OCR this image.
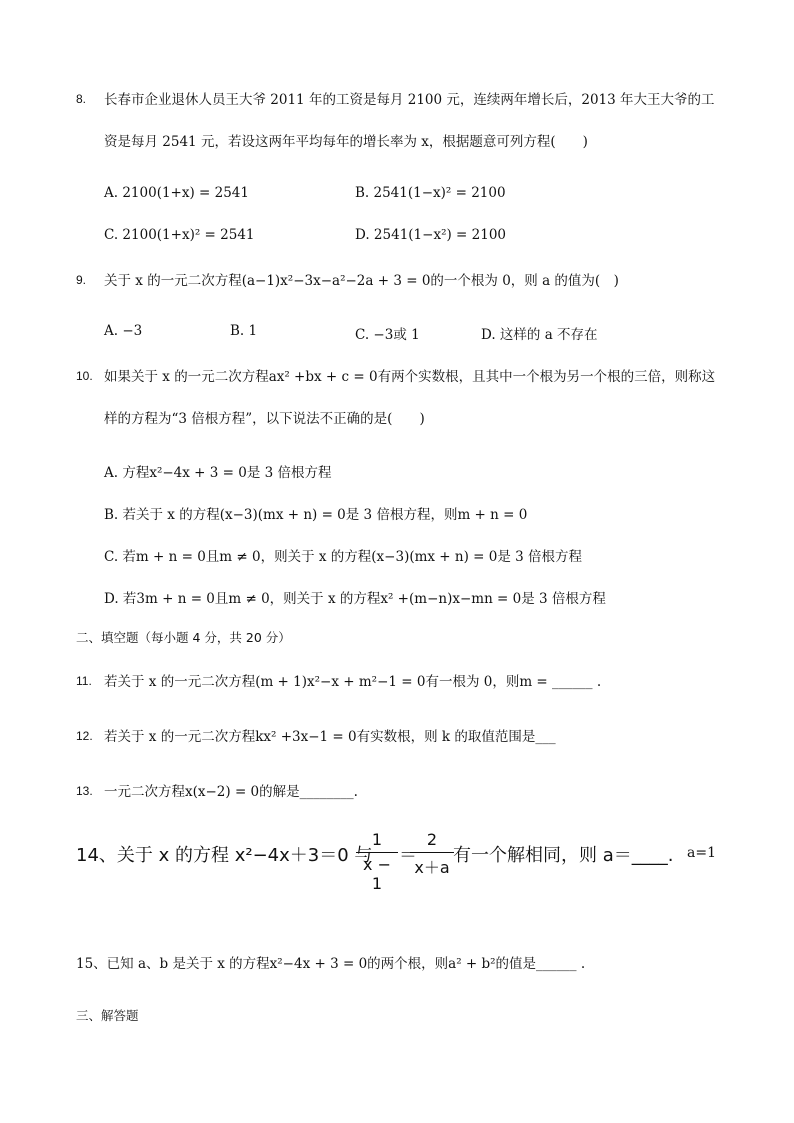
8. 长春市企业退休人员王大爷 2011 年的工资是每月 2100 元，连续两年增长后，2013 年大王大爷的工
资是每月 2541 元，若设这两年平均每年的增长率为 x，根据题意可列方程(　　)
A. 2100(1+x) = 2541	B. 2541(1−x)² = 2100
C. 2100(1+x)² = 2541	D. 2541(1−x²) = 2100
9. 关于 x 的一元二次方程(a−1)x²−3x−a²−2a + 3 = 0的一个根为 0，则 a 的值为(　)
A. −3	B. 1	C. −3或 1	D. 这样的 a 不存在
10. 如果关于 x 的一元二次方程ax² +bx + c = 0有两个实数根，且其中一个根为另一个根的三倍，则称这
样的方程为“3 倍根方程”，以下说法不正确的是(　　)
A. 方程x²−4x + 3 = 0是 3 倍根方程
B. 若关于 x 的方程(x−3)(mx + n) = 0是 3 倍根方程，则m + n = 0
C. 若m + n = 0且m ≠ 0，则关于 x 的方程(x−3)(mx + n) = 0是 3 倍根方程
D. 若3m + n = 0且m ≠ 0，则关于 x 的方程x² +(m−n)x−mn = 0是 3 倍根方程
二、填空题（每小题 4 分，共 20 分）
11. 若关于 x 的一元二次方程(m + 1)x²−x + m²−1 = 0有一根为 0，则m = ______ .
12. 若关于 x 的一元二次方程kx² +3x−1 = 0有实数根，则 k 的取值范围是___
13. 一元二次方程x(x−2) = 0的解是________.
14、关于 x 的方程 x²−4x＋3＝0 与
1
x − 1
＝
2
x＋a
有一个解相同，则 a＝____. a=1
15、已知 a、b 是关于 x 的方程x²−4x + 3 = 0的两个根，则a² + b²的值是______ .
三、解答题
